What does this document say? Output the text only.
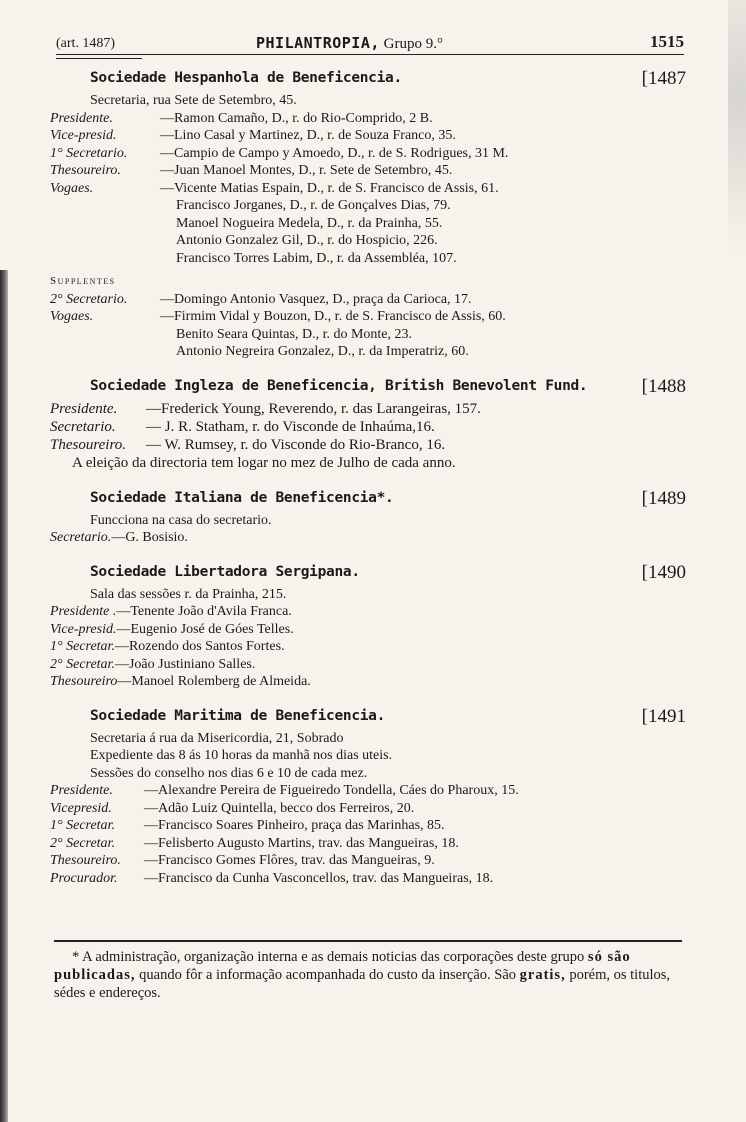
(art. 1487)	PHILANTROPIA, Grupo 9.°	1515
Sociedade Hespanhola de Beneficencia.	[1487
Secretaria, rua Sete de Setembro, 45.
Presidente.	—Ramon Camaño, D., r. do Rio-Comprido, 2 B.
Vice-presid.	—Lino Casal y Martinez, D., r. de Souza Franco, 35.
1° Secretario. —Campio de Campo y Amoedo, D., r. de S. Rodrigues, 31 M.
Thesoureiro.	—Juan Manoel Montes, D., r. Sete de Setembro, 45.
Vogaes.	—Vicente Matias Espain, D., r. de S. Francisco de Assis, 61.
Francisco Jorganes, D., r. de Gonçalves Dias, 79.
Manoel Nogueira Medela, D., r. da Prainha, 55.
Antonio Gonzalez Gil, D., r. do Hospicio, 226.
Francisco Torres Labim, D., r. da Assembléa, 107.
Supplentes
2° Secretario. —Domingo Antonio Vasquez, D., praça da Carioca, 17.
Vogaes.	—Firmim Vidal y Bouzon, D., r. de S. Francisco de Assis, 60.
Benito Seara Quintas, D., r. do Monte, 23.
Antonio Negreira Gonzalez, D., r. da Imperatriz, 60.
Sociedade Ingleza de Beneficencia, British Benevolent Fund.	[1488
Presidente. —Frederick Young, Reverendo, r. das Larangeiras, 157.
Secretario. — J. R. Statham, r. do Visconde de Inhaúma,16.
Thesoureiro. — W. Rumsey, r. do Visconde do Rio-Branco, 16.
A eleição da directoria tem logar no mez de Julho de cada anno.
Sociedade Italiana de Beneficencia*.	[1489
Funcciona na casa do secretario.
Secretario.—G. Bosisio.
Sociedade Libertadora Sergipana.	[1490
Sala das sessões r. da Prainha, 215.
Presidente .—Tenente João d'Avila Franca.
Vice-presid.—Eugenio José de Góes Telles.
1° Secretar.—Rozendo dos Santos Fortes.
2° Secretar.—João Justiniano Salles.
Thesoureiro—Manoel Rolemberg de Almeida.
Sociedade Maritima de Beneficencia.	[1491
Secretaria á rua da Misericordia, 21, Sobrado
Expediente das 8 ás 10 horas da manhã nos dias uteis.
Sessões do conselho nos dias 6 e 10 de cada mez.
Presidente. —Alexandre Pereira de Figueiredo Tondella, Cáes do Pharoux, 15.
Vicepresid. —Adão Luiz Quintella, becco dos Ferreiros, 20.
1° Secretar. —Francisco Soares Pinheiro, praça das Marinhas, 85.
2° Secretar. —Felisberto Augusto Martins, trav. das Mangueiras, 18.
Thesoureiro. —Francisco Gomes Flôres, trav. das Mangueiras, 9.
Procurador. —Francisco da Cunha Vasconcellos, trav. das Mangueiras, 18.
* A administração, organização interna e as demais noticias das corporações deste grupo só são publicadas, quando fôr a informação acompanhada do custo da inserção. São gratis, porém, os titulos, sédes e endereços.
